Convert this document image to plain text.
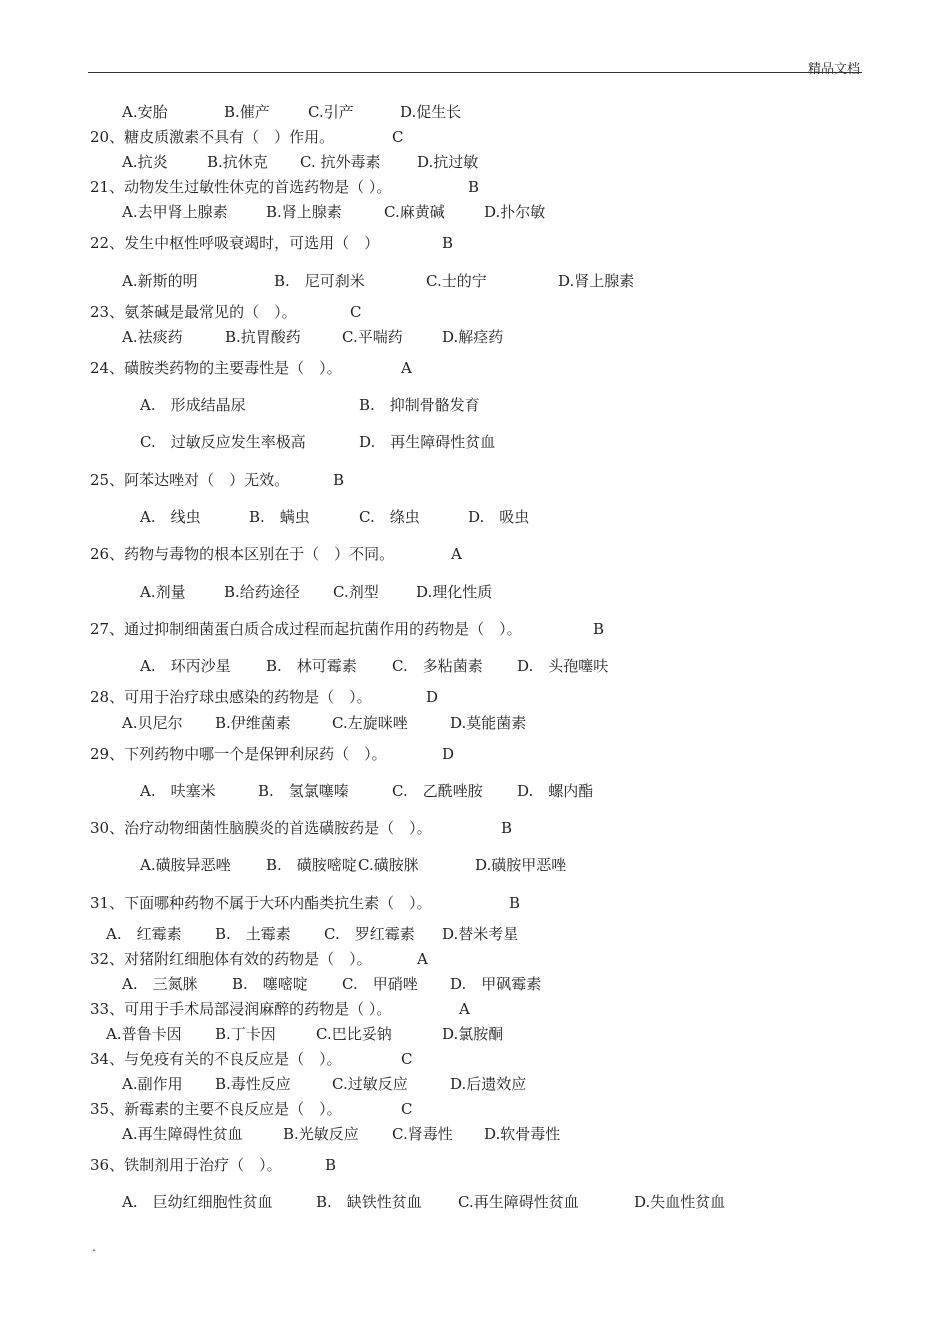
精品文档
A.安胎	B.催产	C.引产	D.促生长
20、糖皮质激素不具有（　）作用。	C
A.抗炎	B.抗休克 C. 抗外毒素 D.抗过敏
21、动物发生过敏性休克的首选药物是（ ）。	B
A.去甲肾上腺素	B.肾上腺素	C.麻黄碱	D.扑尔敏
22、发生中枢性呼吸衰竭时，可选用（　）	B
A.新斯的明	B.　尼可刹米	C.士的宁	D.肾上腺素
23、氨茶碱是最常见的（　）。	C
A.祛痰药	B.抗胃酸药	C.平喘药	D.解痉药
24、磺胺类药物的主要毒性是（　）。	A
A.　形成结晶尿	B.　抑制骨骼发育
C.　过敏反应发生率极高	D.　再生障碍性贫血
25、阿苯达唑对（　）无效。	B
A.　线虫	B.　螨虫	C.　绦虫	D.　吸虫
26、药物与毒物的根本区别在于（　）不同。	A
A.剂量	B.给药途径 C.剂型 D.理化性质
27、通过抑制细菌蛋白质合成过程而起抗菌作用的药物是（　）。	B
A.　环丙沙星 B.　林可霉素 C.　多粘菌素 D.　头孢噻呋
28、可用于治疗球虫感染的药物是（　）。	D
A.贝尼尔 B.伊维菌素	C.左旋咪唑	D.莫能菌素
29、下列药物中哪一个是保钾利尿药（　）。	D
A.　呋塞米	B.　氢氯噻嗪	C.　乙酰唑胺 D.　螺内酯
30、治疗动物细菌性脑膜炎的首选磺胺药是（　）。	B
A.磺胺异恶唑 B.　磺胺嘧啶 C.磺胺脒	D.磺胺甲恶唑
31、下面哪种药物不属于大环内酯类抗生素（　）。	B
A.　红霉素 B.　土霉素 C.　罗红霉素 D.替米考星
32、对猪附红细胞体有效的药物是（　）。	A
A.　三氮脒 B.　噻嘧啶 C.　甲硝唑 D.　甲砜霉素
33、可用于手术局部浸润麻醉的药物是（ ）。	A
A.普鲁卡因 B.丁卡因	C.巴比妥钠	D.氯胺酮
34、与免疫有关的不良反应是（　）。	C
A.副作用 B.毒性反应	C.过敏反应	D.后遗效应
35、新霉素的主要不良反应是（　）。	C
A.再生障碍性贫血	B.光敏反应 C.肾毒性 D.软骨毒性
36、铁制剂用于治疗（　）。	B
A.　巨幼红细胞性贫血	B.　缺铁性贫血 C.再生障碍性贫血	D.失血性贫血
.
